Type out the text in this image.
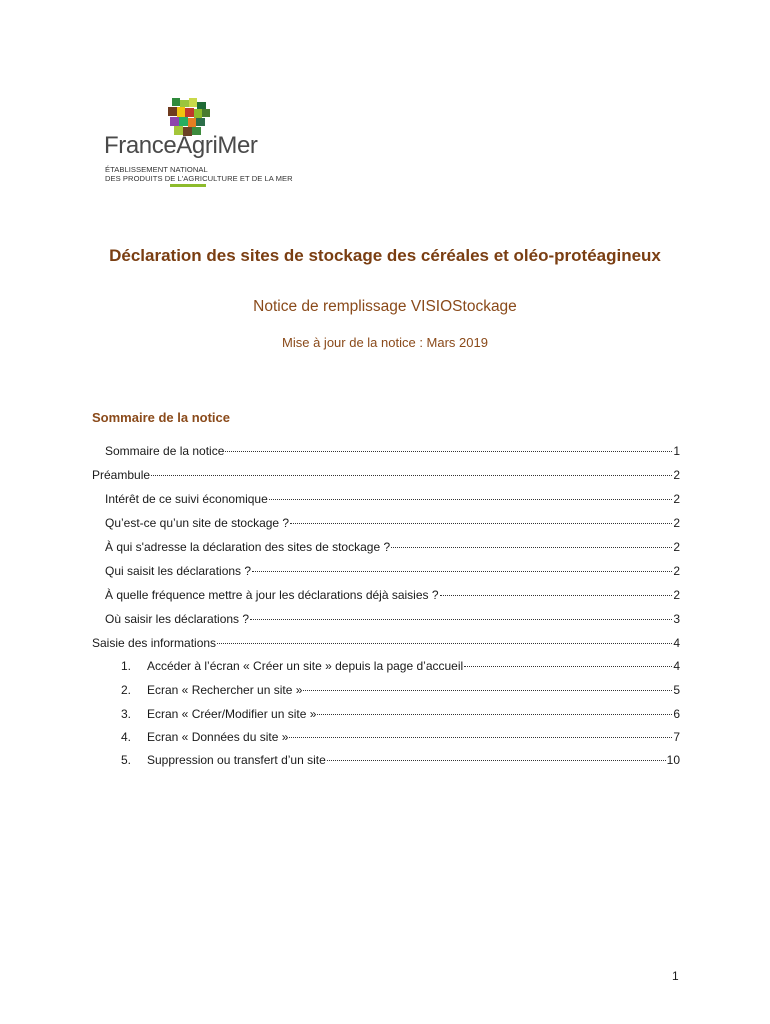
FranceAgriMer
ÉTABLISSEMENT NATIONAL
DES PRODUITS DE L'AGRICULTURE ET DE LA MER
Déclaration des sites de stockage des céréales et oléo-protéagineux
Notice de remplissage VISIOStockage
Mise à jour de la notice : Mars 2019
Sommaire de la notice
Sommaire de la notice	1
Préambule	2
Intérêt de ce suivi économique	2
Qu’est-ce qu’un site de stockage ?	2
À qui s'adresse la déclaration des sites de stockage ?	2
Qui saisit les déclarations ?	2
À quelle fréquence mettre à jour les déclarations déjà saisies ?	2
Où saisir les déclarations ?	3
Saisie des informations	4
1.	Accéder à l’écran « Créer un site » depuis la page d’accueil	4
2.	Ecran « Rechercher un site »	5
3.	Ecran « Créer/Modifier un site »	6
4.	Ecran « Données du site »	7
5.	Suppression ou transfert d’un site	10
1
